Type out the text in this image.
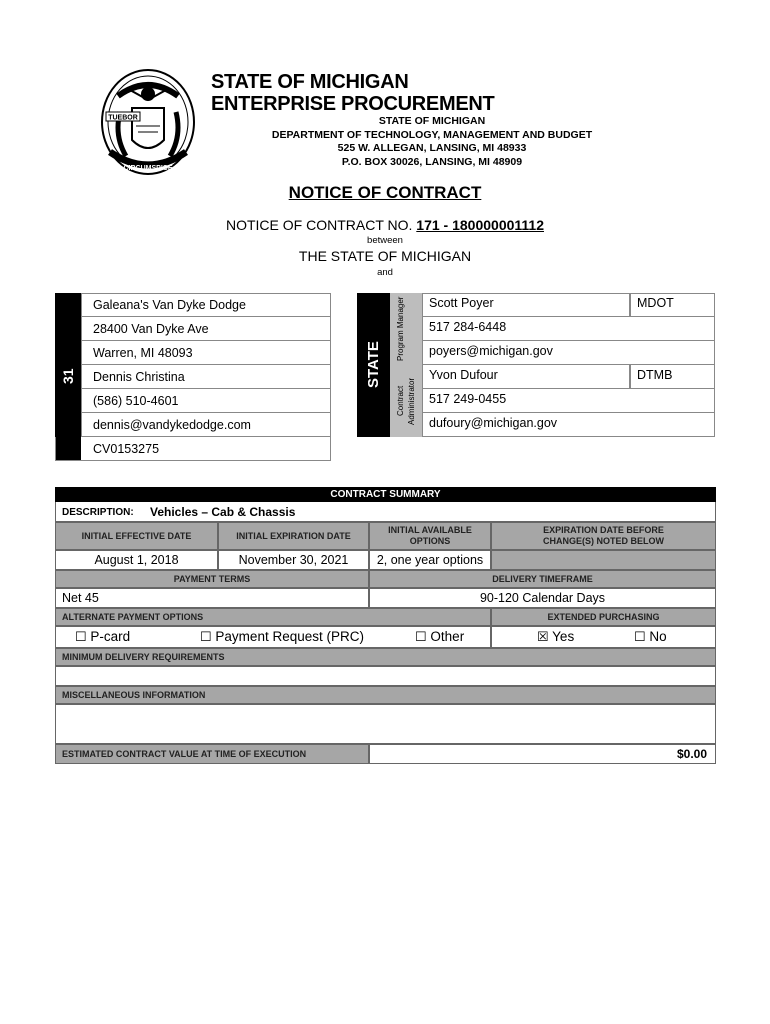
TUEBOR
CIRCUMSPICE
STATE OF MICHIGAN
ENTERPRISE PROCUREMENT
STATE OF MICHIGAN
DEPARTMENT OF TECHNOLOGY, MANAGEMENT AND BUDGET
525 W. ALLEGAN, LANSING, MI 48933
P.O. BOX 30026, LANSING, MI 48909
NOTICE OF CONTRACT
NOTICE OF CONTRACT NO. 171 - 180000001112
between
THE STATE OF MICHIGAN
and
31
Galeana's Van Dyke Dodge
28400 Van Dyke Ave
Warren, MI 48093
Dennis Christina
(586) 510-4601
dennis@vandykedodge.com
CV0153275
STATE
Program Manager
Contract Administrator
Scott Poyer	MDOT
517 284-6448
poyers@michigan.gov
Yvon Dufour	DTMB
517 249-0455
dufoury@michigan.gov
CONTRACT SUMMARY
DESCRIPTION: Vehicles – Cab & Chassis
INITIAL EFFECTIVE DATE	INITIAL EXPIRATION DATE
INITIAL AVAILABLE OPTIONS
EXPIRATION DATE BEFORE CHANGE(S) NOTED BELOW
August 1, 2018	November 30, 2021	2, one year options
PAYMENT TERMS	DELIVERY TIMEFRAME
Net 45	90-120 Calendar Days
ALTERNATE PAYMENT OPTIONS	EXTENDED PURCHASING
☐ P-card	☐ Payment Request (PRC)	☐ Other	☒ Yes	☐ No
MINIMUM DELIVERY REQUIREMENTS
MISCELLANEOUS INFORMATION
ESTIMATED CONTRACT VALUE AT TIME OF EXECUTION	$0.00
